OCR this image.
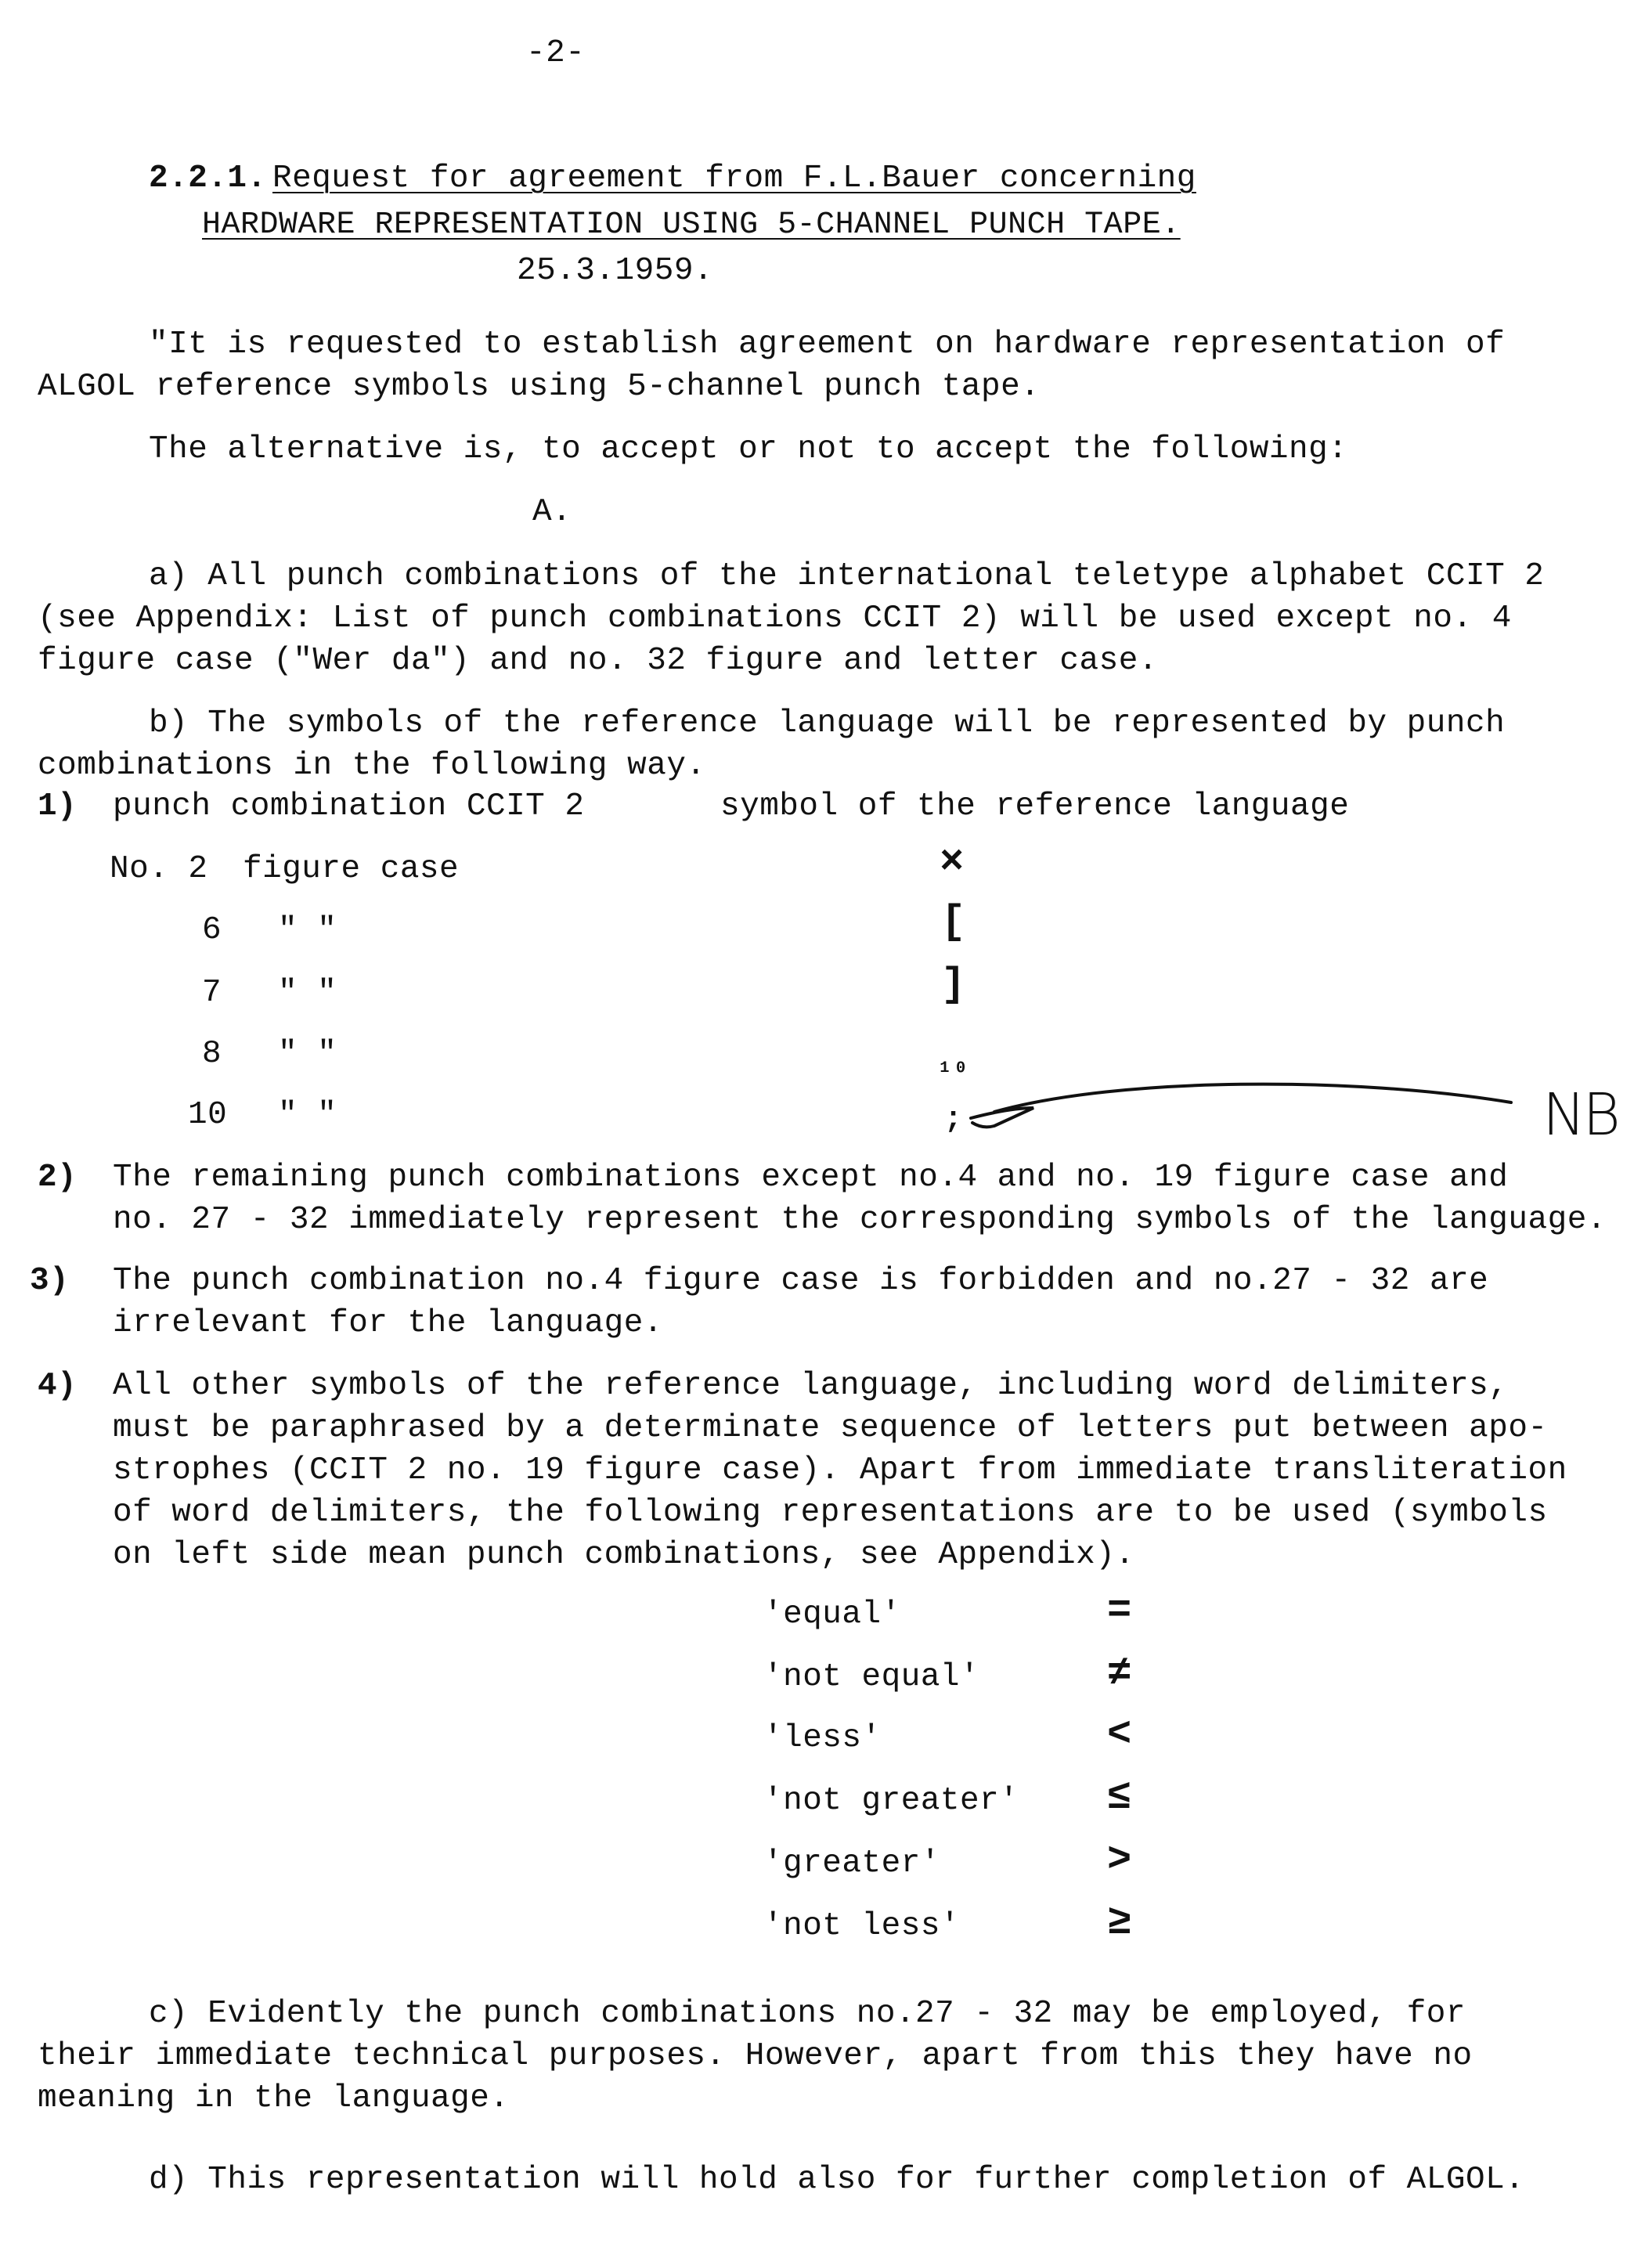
-2-
2.2.1. Request for agreement from F.L.Bauer concerning
HARDWARE REPRESENTATION USING 5-CHANNEL PUNCH TAPE.
25.3.1959.
"It is requested to establish agreement on hardware representation of
ALGOL reference symbols using 5-channel punch tape.
The alternative is, to accept or not to accept the following:
A.
a) All punch combinations of the international teletype alphabet CCIT 2
(see Appendix: List of punch combinations CCIT 2) will be used except no. 4
figure case ("Wer da") and no. 32 figure and letter case.
b) The symbols of the reference language will be represented by punch
combinations in the following way.
1) punch combination CCIT 2	symbol of the reference language
No. 2 figure case	×
6 " "	[
7 " "	]
8 " "	₁₀
10 " "	;	NB
2) The remaining punch combinations except no.4 and no. 19 figure case and
no. 27 - 32 immediately represent the corresponding symbols of the language.
3) The punch combination no.4 figure case is forbidden and no.27 - 32 are
irrelevant for the language.
4) All other symbols of the reference language, including word delimiters,
must be paraphrased by a determinate sequence of letters put between apo-
strophes (CCIT 2 no. 19 figure case). Apart from immediate transliteration
of word delimiters, the following representations are to be used (symbols
on left side mean punch combinations, see Appendix).
'equal'	=
'not equal'	≠
'less'	<
'not greater' ≤
'greater'	>
'not less'	≥
c) Evidently the punch combinations no.27 - 32 may be employed, for
their immediate technical purposes. However, apart from this they have no
meaning in the language.
d) This representation will hold also for further completion of ALGOL.
